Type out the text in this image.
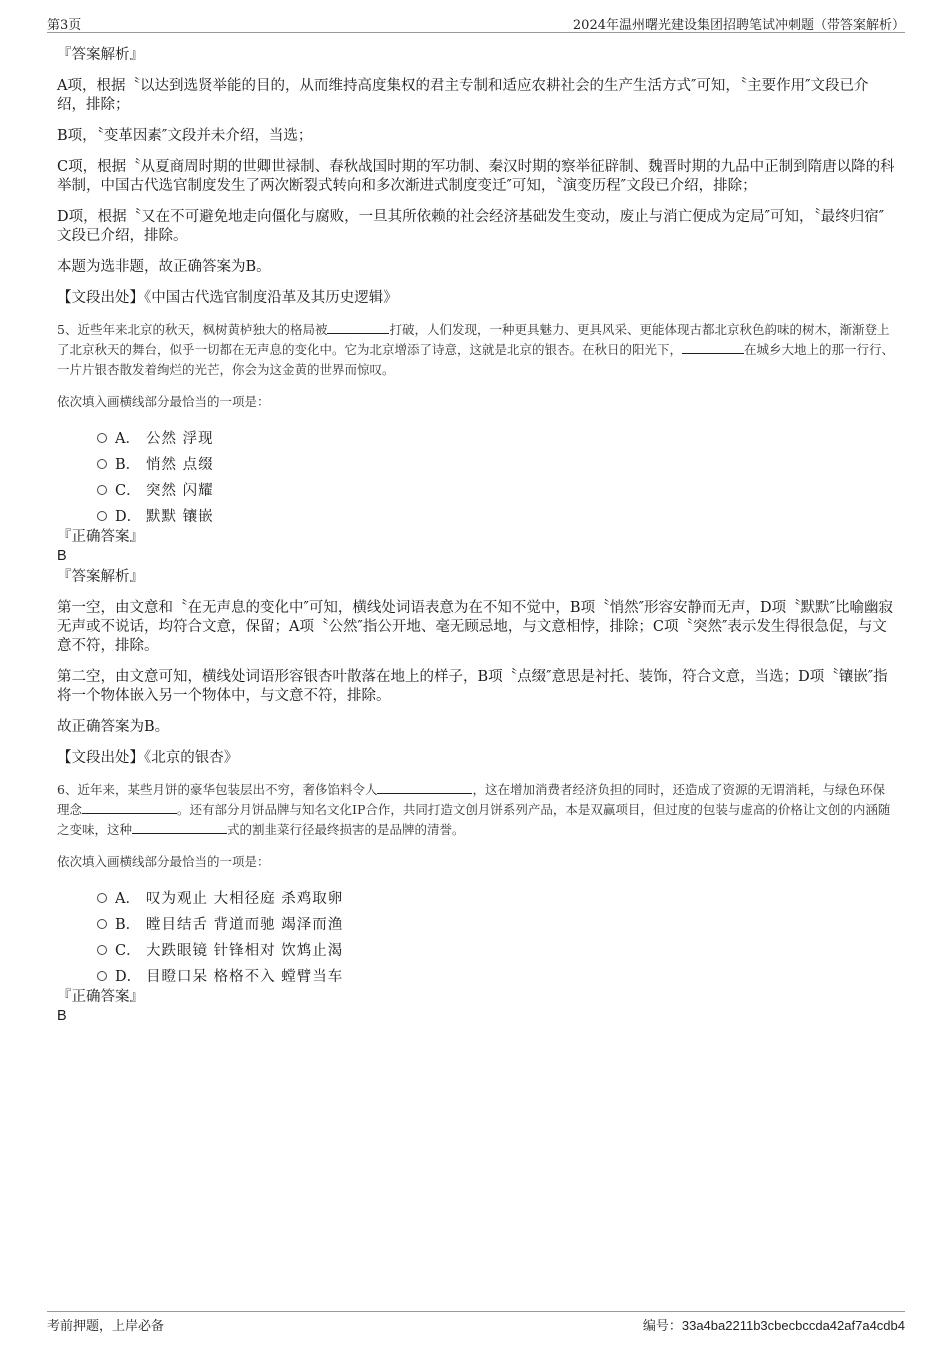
第3页	2024年温州曙光建设集团招聘笔试冲刺题（带答案解析）

『答案解析』

A项，根据〝以达到选贤举能的目的，从而维持高度集权的君主专制和适应农耕社会的生产生活方式″可知，〝主要作用″文段已介绍，排除；

B项，〝变革因素″文段并未介绍，当选；

C项，根据〝从夏商周时期的世卿世禄制、春秋战国时期的军功制、秦汉时期的察举征辟制、魏晋时期的九品中正制到隋唐以降的科举制，中国古代选官制度发生了两次断裂式转向和多次渐进式制度变迁″可知，〝演变历程″文段已介绍，排除；

D项，根据〝又在不可避免地走向僵化与腐败，一旦其所依赖的社会经济基础发生变动，废止与消亡便成为定局″可知，〝最终归宿″文段已介绍，排除。

本题为选非题，故正确答案为B。

【文段出处】《中国古代选官制度沿革及其历史逻辑》

5、近些年来北京的秋天，枫树黄栌独大的格局被	打破，人们发现，一种更具魅力、更具风采、更能体现古都北京秋色韵味的树木，渐渐登上了北京秋天的舞台，似乎一切都在无声息的变化中。它为北京增添了诗意，这就是北京的银杏。在秋日的阳光下，	在城乡大地上的那一行行、一片片银杏散发着绚烂的光芒，你会为这金黄的世界而惊叹。

依次填入画横线部分最恰当的一项是：

A． 公然 浮现
B． 悄然 点缀
C． 突然 闪耀
D． 默默 镶嵌

『正确答案』

B

『答案解析』

第一空，由文意和〝在无声息的变化中″可知，横线处词语表意为在不知不觉中，B项〝悄然″形容安静而无声，D项〝默默″比喻幽寂无声或不说话，均符合文意，保留；A项〝公然″指公开地、毫无顾忌地，与文意相悖，排除；C项〝突然″表示发生得很急促，与文意不符，排除。

第二空，由文意可知，横线处词语形容银杏叶散落在地上的样子，B项〝点缀″意思是衬托、装饰，符合文意，当选；D项〝镶嵌″指将一个物体嵌入另一个物体中，与文意不符，排除。

故正确答案为B。

【文段出处】《北京的银杏》

6、近年来，某些月饼的豪华包装层出不穷，奢侈馅料令人	，这在增加消费者经济负担的同时，还造成了资源的无谓消耗，与绿色环保理念	。还有部分月饼品牌与知名文化IP合作，共同打造文创月饼系列产品，本是双赢项目，但过度的包装与虚高的价格让文创的内涵随之变味，这种	式的割韭菜行径最终损害的是品牌的清誉。

依次填入画横线部分最恰当的一项是：

A． 叹为观止 大相径庭 杀鸡取卵
B． 瞠目结舌 背道而驰 竭泽而渔
C． 大跌眼镜 针锋相对 饮鸩止渴
D． 目瞪口呆 格格不入 螳臂当车

『正确答案』

B

考前押题，上岸必备	编号：33a4ba2211b3cbecbccda42af7a4cdb4
